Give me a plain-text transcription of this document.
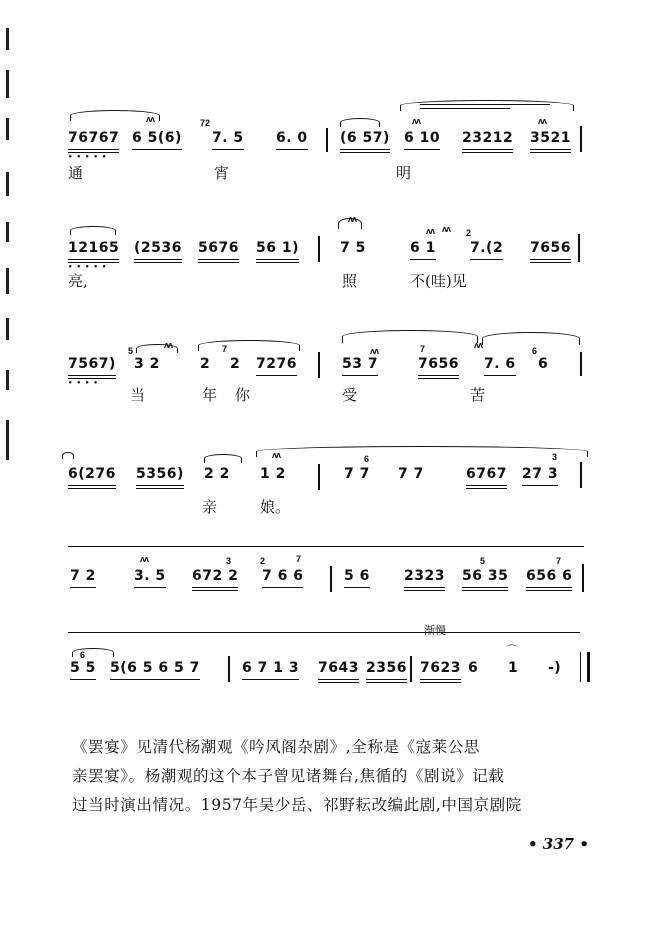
76767
•••••
6 5(6) 7. 5 6. 0 (6 57) 6 10 23212 3521
ʌʌ	72	ʌʌ	ʌʌ
通	宵	明
12165
•••••
(2536 5676 56 1)	7 5	6 1 7.(2 7656
ʌʌ
ʌʌ ʌʌ 2
亮,	照	不(哇)见
7567)
••••
3 2	2 2 7276	53 7	7656 7. 6 6
5
ʌʌ	7	ʌʌ	7	ʌʌ
6
当	年你	受	苦
6(276 5356) 2 2 1 2	7 7 7 7	6767 27 3
6
ʌʌ	3
亲	娘。
7 2	3. 5 672 2 7 6 6	5 6 2323 56 35 656 6
ʌʌ	3	2	7	5	7
渐慢
5 5 5(6 5 6 5 7	6 7 1 3 7643 2356 7623 6 1 -)
6	⌒

《罢宴》见清代杨潮观《吟风阁杂剧》,全称是《寇莱公思

亲罢宴》。杨潮观的这个本子曾见诸舞台,焦循的《剧说》记载

过当时演出情况。1957年吴少岳、祁野耘改编此剧,中国京剧院

• 337 •
